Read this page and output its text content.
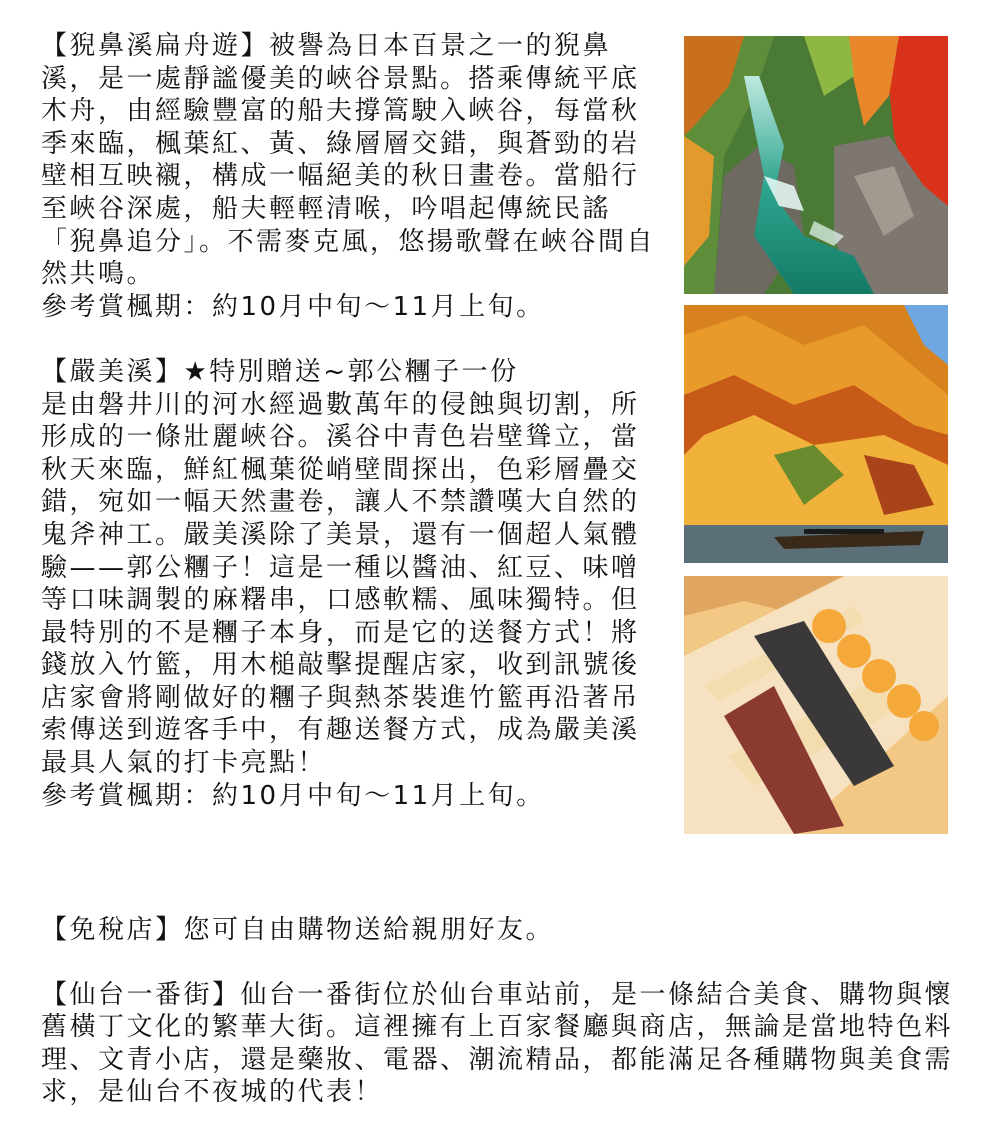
【猊鼻溪扁舟遊】被譽為日本百景之一的猊鼻溪，是一處靜謐優美的峽谷景點。搭乘傳統平底木舟，由經驗豐富的船夫撐篙駛入峽谷，每當秋季來臨，楓葉紅、黃、綠層層交錯，與蒼勁的岩壁相互映襯，構成一幅絕美的秋日畫卷。當船行至峽谷深處，船夫輕輕清喉，吟唱起傳統民謠「猊鼻追分」。不需麥克風，悠揚歌聲在峽谷間自然共鳴。

參考賞楓期：約10月中旬～11月上旬。

【嚴美溪】★特別贈送~郭公糰子一份

是由磐井川的河水經過數萬年的侵蝕與切割，所形成的一條壯麗峽谷。溪谷中青色岩壁聳立，當秋天來臨，鮮紅楓葉從峭壁間探出，色彩層疊交錯，宛如一幅天然畫卷，讓人不禁讚嘆大自然的鬼斧神工。嚴美溪除了美景，還有一個超人氣體驗——郭公糰子！這是一種以醬油、紅豆、味噌等口味調製的麻糬串，口感軟糯、風味獨特。但最特別的不是糰子本身，而是它的送餐方式！將錢放入竹籃，用木槌敲擊提醒店家，收到訊號後店家會將剛做好的糰子與熱茶裝進竹籃再沿著吊索傳送到遊客手中，有趣送餐方式，成為嚴美溪最具人氣的打卡亮點！

參考賞楓期：約10月中旬～11月上旬。

【免稅店】您可自由購物送給親朋好友。

【仙台一番街】仙台一番街位於仙台車站前，是一條結合美食、購物與懷舊橫丁文化的繁華大街。這裡擁有上百家餐廳與商店，無論是當地特色料理、文青小店，還是藥妝、電器、潮流精品，都能滿足各種購物與美食需求，是仙台不夜城的代表！
